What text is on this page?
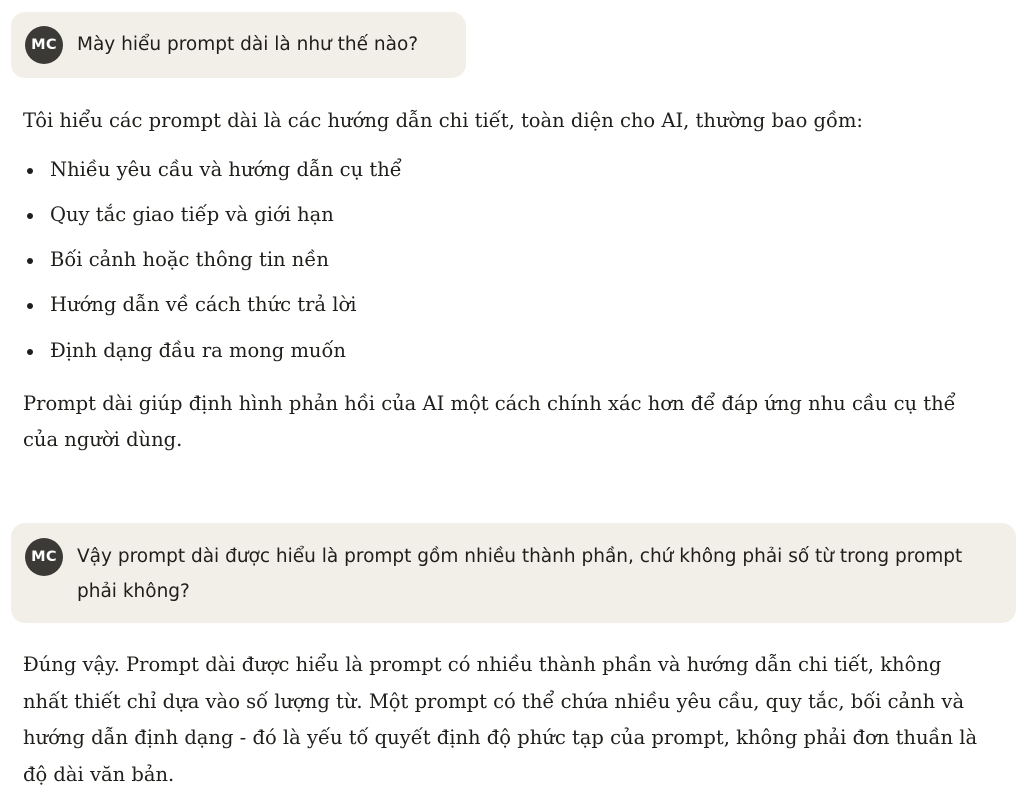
MC	Mày hiểu prompt dài là như thế nào?

Tôi hiểu các prompt dài là các hướng dẫn chi tiết, toàn diện cho AI, thường bao gồm:

Nhiều yêu cầu và hướng dẫn cụ thể
Quy tắc giao tiếp và giới hạn
Bối cảnh hoặc thông tin nền
Hướng dẫn về cách thức trả lời
Định dạng đầu ra mong muốn

Prompt dài giúp định hình phản hồi của AI một cách chính xác hơn để đáp ứng nhu cầu cụ thể của người dùng.

MC	Vậy prompt dài được hiểu là prompt gồm nhiều thành phần, chứ không phải số từ trong prompt phải không?

Đúng vậy. Prompt dài được hiểu là prompt có nhiều thành phần và hướng dẫn chi tiết, không nhất thiết chỉ dựa vào số lượng từ. Một prompt có thể chứa nhiều yêu cầu, quy tắc, bối cảnh và hướng dẫn định dạng - đó là yếu tố quyết định độ phức tạp của prompt, không phải đơn thuần là độ dài văn bản.
